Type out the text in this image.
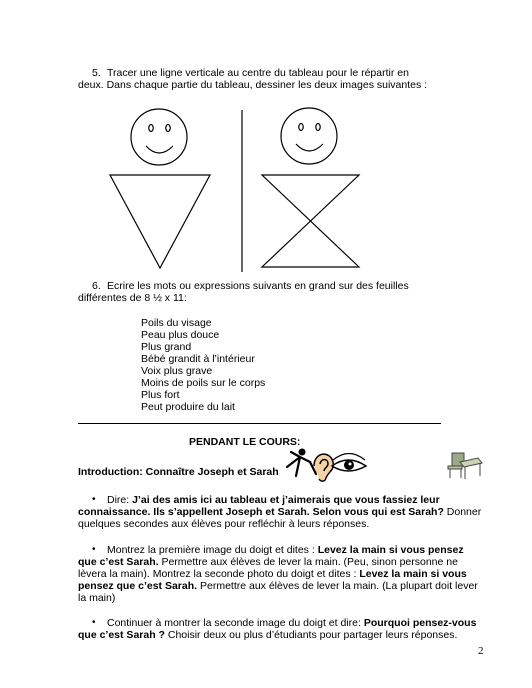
5. Tracer une ligne verticale au centre du tableau pour le répartir en
deux. Dans chaque partie du tableau, dessiner les deux images suivantes :
6. Ecrire les mots ou expressions suivants en grand sur des feuilles
différentes de 8 ½ x 11:
Poils du visage
Peau plus douce
Plus grand
Bébé grandit à l’intérieur
Voix plus grave
Moins de poils sur le corps
Plus fort
Peut produire du lait
PENDANT LE COURS:
Introduction: Connaître Joseph et Sarah
• Dire: J’ai des amis ici au tableau et j’aimerais que vous fassiez leur
connaissance. Ils s’appellent Joseph et Sarah. Selon vous qui est Sarah? Donner
quelques secondes aux élèves pour refléchir à leurs réponses.
• Montrez la première image du doigt et dites : Levez la main si vous pensez
que c’est Sarah. Permettre aux élèves de lever la main. (Peu, sinon personne ne
lèvera la main). Montrez la seconde photo du doigt et dites : Levez la main si vous
pensez que c’est Sarah. Permettre aux élèves de lever la main. (La plupart doit lever
la main)
• Continuer à montrer la seconde image du doigt et dire: Pourquoi pensez-vous
que c’est Sarah ? Choisir deux ou plus d’étudiants pour partager leurs réponses.
2
